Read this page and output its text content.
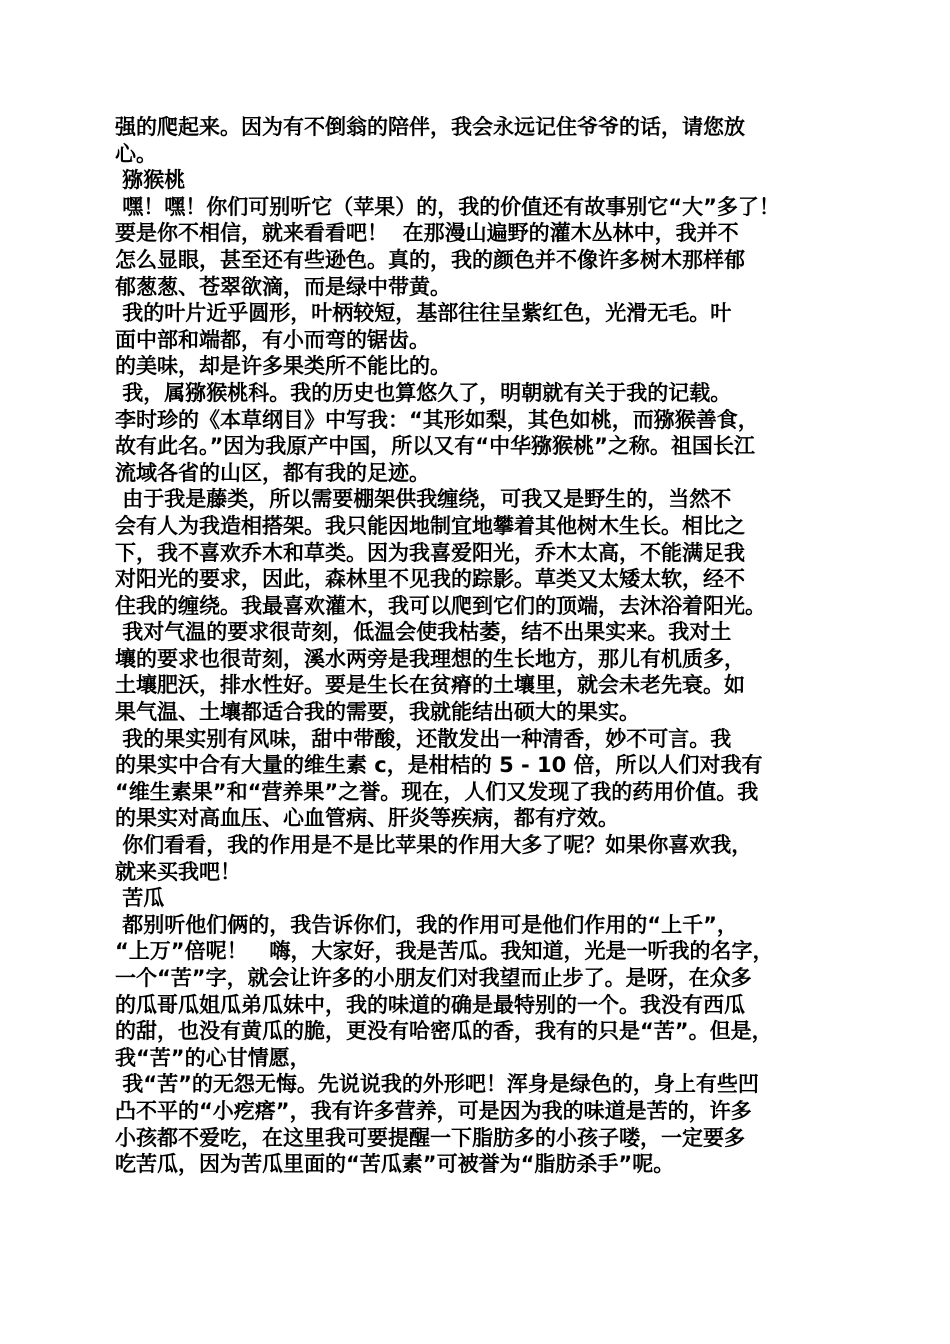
强的爬起来。因为有不倒翁的陪伴，我会永远记住爷爷的话，请您放
心。
猕猴桃
嘿！嘿！你们可别听它（苹果）的，我的价值还有故事别它“大”多了！
要是你不相信，就来看看吧！  在那漫山遍野的灌木丛林中，我并不
怎么显眼，甚至还有些逊色。真的，我的颜色并不像许多树木那样郁
郁葱葱、苍翠欲滴，而是绿中带黄。
我的叶片近乎圆形，叶柄较短，基部往往呈紫红色，光滑无毛。叶
面中部和端都，有小而弯的锯齿。
的美味，却是许多果类所不能比的。
我，属猕猴桃科。我的历史也算悠久了，明朝就有关于我的记载。
李时珍的《本草纲目》中写我：“其形如梨，其色如桃，而猕猴善食，
故有此名。”因为我原产中国，所以又有“中华猕猴桃”之称。祖国长江
流域各省的山区，都有我的足迹。
由于我是藤类，所以需要棚架供我缠绕，可我又是野生的，当然不
会有人为我造相搭架。我只能因地制宜地攀着其他树木生长。相比之
下，我不喜欢乔木和草类。因为我喜爱阳光，乔木太高，不能满足我
对阳光的要求，因此，森林里不见我的踪影。草类又太矮太软，经不
住我的缠绕。我最喜欢灌木，我可以爬到它们的顶端，去沐浴着阳光。
我对气温的要求很苛刻，低温会使我枯萎，结不出果实来。我对土
壤的要求也很苛刻，溪水两旁是我理想的生长地方，那儿有机质多，
土壤肥沃，排水性好。要是生长在贫瘠的土壤里，就会未老先衰。如
果气温、土壤都适合我的需要，我就能结出硕大的果实。
我的果实别有风味，甜中带酸，还散发出一种清香，妙不可言。我
的果实中合有大量的维生素 c，是柑桔的 5 - 10 倍，所以人们对我有
“维生素果”和“营养果”之誉。现在，人们又发现了我的药用价值。我
的果实对高血压、心血管病、肝炎等疾病，都有疗效。
你们看看，我的作用是不是比苹果的作用大多了呢？如果你喜欢我，
就来买我吧！
苦瓜
都别听他们俩的，我告诉你们，我的作用可是他们作用的“上千”，
“上万”倍呢！   嗨，大家好，我是苦瓜。我知道，光是一听我的名字，
一个“苦”字，就会让许多的小朋友们对我望而止步了。是呀，在众多
的瓜哥瓜姐瓜弟瓜妹中，我的味道的确是最特别的一个。我没有西瓜
的甜，也没有黄瓜的脆，更没有哈密瓜的香，我有的只是“苦”。但是，
我“苦”的心甘情愿，
我“苦”的无怨无悔。先说说我的外形吧！浑身是绿色的，身上有些凹
凸不平的“小疙瘩”，我有许多营养，可是因为我的味道是苦的，许多
小孩都不爱吃，在这里我可要提醒一下脂肪多的小孩子喽，一定要多
吃苦瓜，因为苦瓜里面的“苦瓜素”可被誉为“脂肪杀手”呢。
